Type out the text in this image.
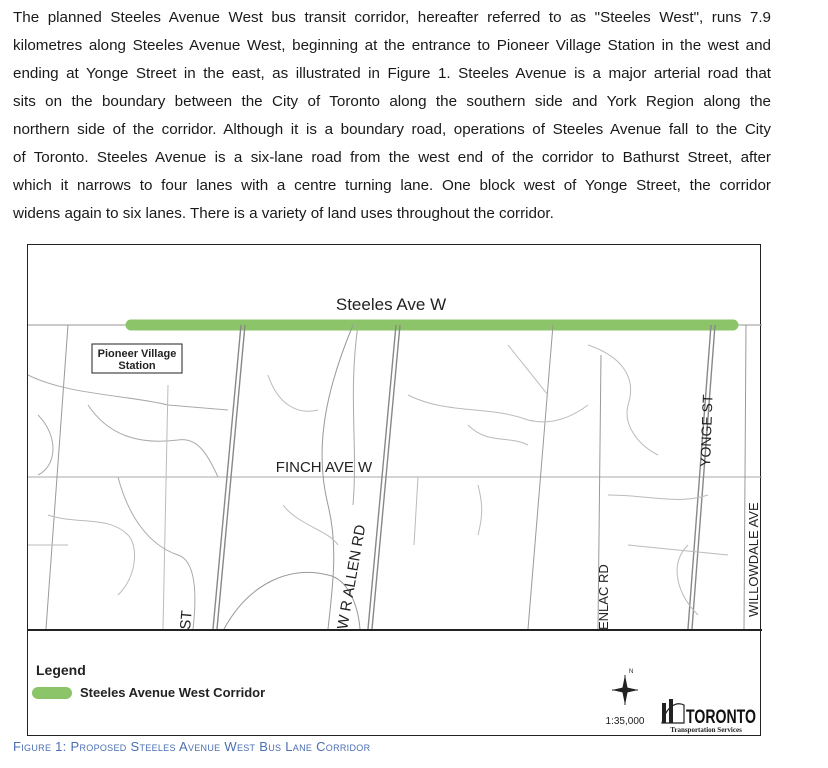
The planned Steeles Avenue West bus transit corridor, hereafter referred to as "Steeles West", runs 7.9
kilometres along Steeles Avenue West, beginning at the entrance to Pioneer Village Station in the west and
ending at Yonge Street in the east, as illustrated in Figure 1. Steeles Avenue is a major arterial road that
sits on the boundary between the City of Toronto along the southern side and York Region along the
northern side of the corridor. Although it is a boundary road, operations of Steeles Avenue fall to the City
of Toronto. Steeles Avenue is a six-lane road from the west end of the corridor to Bathurst Street, after
which it narrows to four lanes with a centre turning lane. One block west of Yonge Street, the corridor
widens again to six lanes. There is a variety of land uses throughout the corridor.
Pioneer Village
Station
Steeles Ave W
FINCH AVE W
W R ALLEN RD
ST	ENLAC RD
YONGE ST
WILLOWDALE AVE
Legend
Steeles Avenue West Corridor
N
1:35,000 TORONTO
Transportation Services
Figure 1: Proposed Steeles Avenue West Bus Lane Corridor
